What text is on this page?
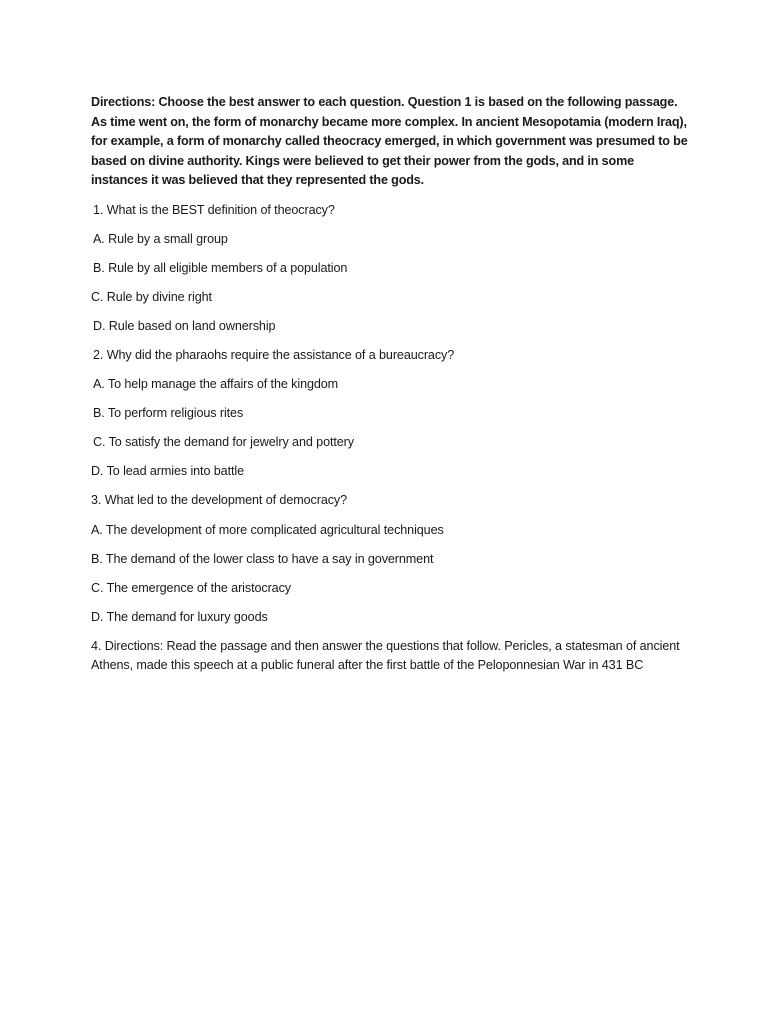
Directions: Choose the best answer to each question. Question 1 is based on the following passage. As time went on, the form of monarchy became more complex. In ancient Mesopotamia (modern Iraq), for example, a form of monarchy called theocracy emerged, in which government was presumed to be based on divine authority. Kings were believed to get their power from the gods, and in some instances it was believed that they represented the gods.

1. What is the BEST definition of theocracy?
A. Rule by a small group
B. Rule by all eligible members of a population
C. Rule by divine right
D. Rule based on land ownership
2. Why did the pharaohs require the assistance of a bureaucracy?
A. To help manage the affairs of the kingdom
B. To perform religious rites
C. To satisfy the demand for jewelry and pottery
D. To lead armies into battle
3. What led to the development of democracy?
A. The development of more complicated agricultural techniques
B. The demand of the lower class to have a say in government
C. The emergence of the aristocracy
D. The demand for luxury goods

4. Directions: Read the passage and then answer the questions that follow. Pericles, a statesman of ancient Athens, made this speech at a public funeral after the first battle of the Peloponnesian War in 431 BC
